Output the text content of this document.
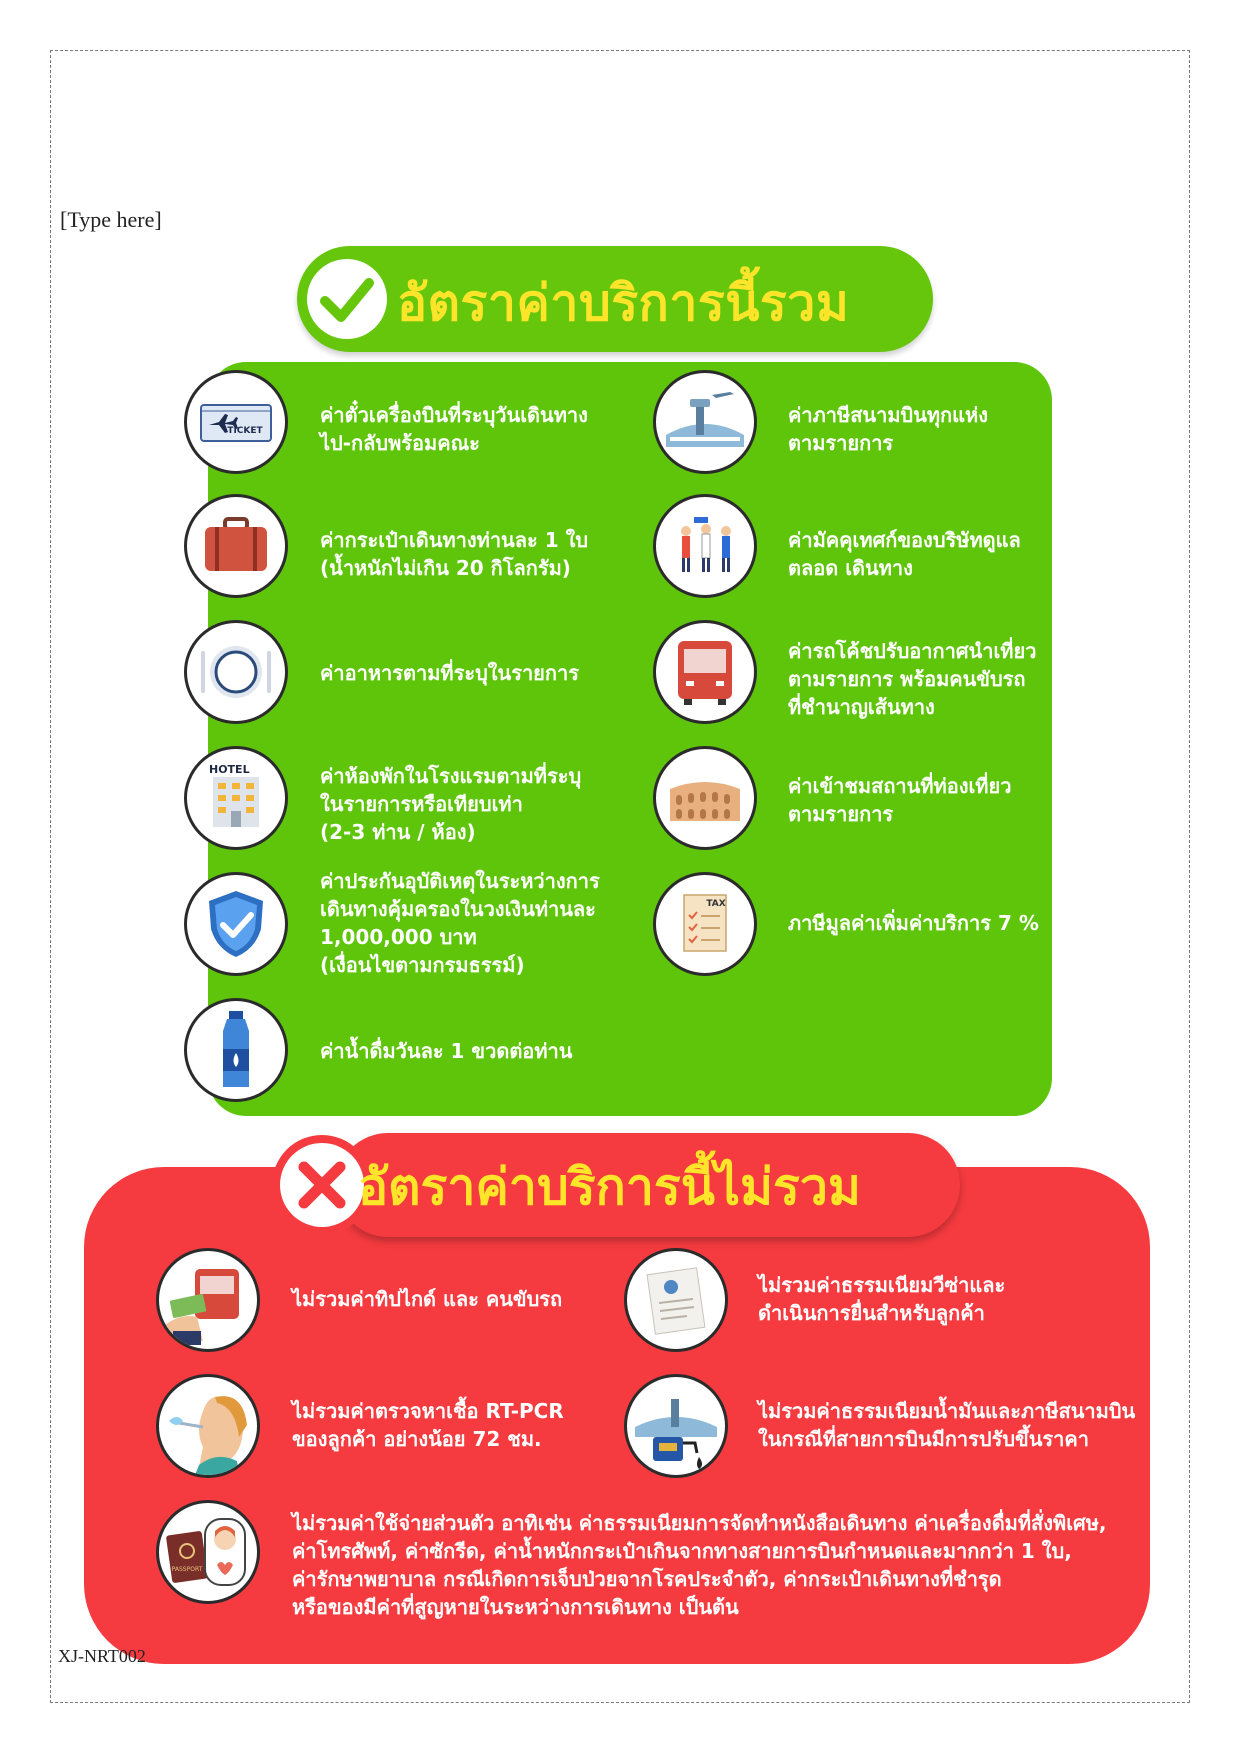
[Type here]
อัตราค่าบริการนี้รวม
TICKET
ค่าตั๋วเครื่องบินที่ระบุวันเดินทาง
ไป-กลับพร้อมคณะ
ค่าภาษีสนามบินทุกแห่ง
ตามรายการ
ค่ากระเป๋าเดินทางท่านละ 1 ใบ
(น้ำหนักไม่เกิน 20 กิโลกรัม)
ค่ามัคคุเทศก์ของบริษัทดูแล
ตลอด เดินทาง
ค่าอาหารตามที่ระบุในรายการ
ค่ารถโค้ชปรับอากาศนำเที่ยว
ตามรายการ พร้อมคนขับรถ
ที่ชำนาญเส้นทาง
HOTEL	ค่าห้องพักในโรงแรมตามที่ระบุ
ในรายการหรือเทียบเท่า
(2-3 ท่าน / ห้อง)
ค่าเข้าชมสถานที่ท่องเที่ยว
ตามรายการ
ค่าประกันอุบัติเหตุในระหว่างการ
เดินทางคุ้มครองในวงเงินท่านละ
1,000,000 บาท
(เงื่อนไขตามกรมธรรม์)
TAX
ภาษีมูลค่าเพิ่มค่าบริการ 7 %
ค่าน้ำดื่มวันละ 1 ขวดต่อท่าน
อัตราค่าบริการนี้ไม่รวม
ไม่รวมค่าทิปไกด์ และ คนขับรถ
ไม่รวมค่าธรรมเนียมวีซ่าและ
ดำเนินการยื่นสำหรับลูกค้า
ไม่รวมค่าตรวจหาเชื้อ RT-PCR
ของลูกค้า อย่างน้อย 72 ชม.
ไม่รวมค่าธรรมเนียมน้ำมันและภาษีสนามบิน
ในกรณีที่สายการบินมีการปรับขึ้นราคา
PASSPORT
ไม่รวมค่าใช้จ่ายส่วนตัว อาทิเช่น ค่าธรรมเนียมการจัดทำหนังสือเดินทาง ค่าเครื่องดื่มที่สั่งพิเศษ,
ค่าโทรศัพท์, ค่าซักรีด, ค่าน้ำหนักกระเป๋าเกินจากทางสายการบินกำหนดและมากกว่า 1 ใบ,
ค่ารักษาพยาบาล กรณีเกิดการเจ็บป่วยจากโรคประจำตัว, ค่ากระเป๋าเดินทางที่ชำรุด
หรือของมีค่าที่สูญหายในระหว่างการเดินทาง เป็นต้น
XJ-NRT002
